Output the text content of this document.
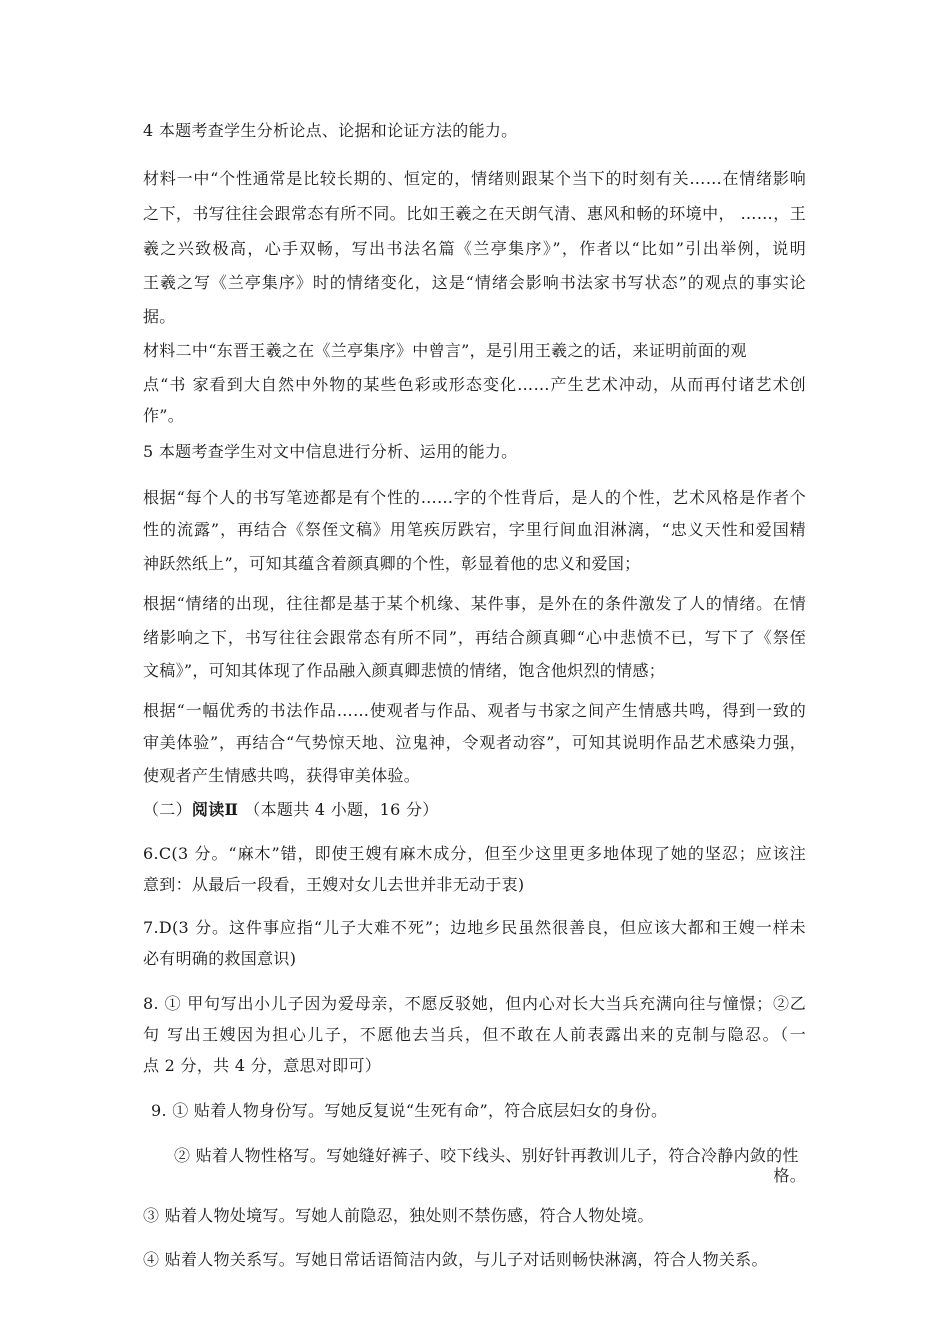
4 本题考查学生分析论点、论据和论证方法的能力。
材料一中“个性通常是比较长期的、恒定的，情绪则跟某个当下的时刻有关……在情绪影响
之下，书写往往会跟常态有所不同。比如王羲之在天朗气清、惠风和畅的环境中， ……，王
羲之兴致极高，心手双畅，写出书法名篇《兰亭集序》”，作者以“比如”引出举例，说明
王羲之写《兰亭集序》时的情绪变化，这是“情绪会影响书法家书写状态”的观点的事实论
据。
材料二中“东晋王羲之在《兰亭集序》中曾言”，是引用王羲之的话，来证明前面的观
点“书 家看到大自然中外物的某些色彩或形态变化……产生艺术冲动，从而再付诸艺术创
作”。
5 本题考查学生对文中信息进行分析、运用的能力。
根据“每个人的书写笔迹都是有个性的……字的个性背后，是人的个性，艺术风格是作者个
性的流露”，再结合《祭侄文稿》用笔疾厉跌宕，字里行间血泪淋漓，“忠义天性和爱国精
神跃然纸上”，可知其蕴含着颜真卿的个性，彰显着他的忠义和爱国；
根据“情绪的出现，往往都是基于某个机缘、某件事，是外在的条件激发了人的情绪。在情
绪影响之下，书写往往会跟常态有所不同”，再结合颜真卿“心中悲愤不已，写下了《祭侄
文稿》”，可知其体现了作品融入颜真卿悲愤的情绪，饱含他炽烈的情感；
根据“一幅优秀的书法作品……使观者与作品、观者与书家之间产生情感共鸣，得到一致的
审美体验”，再结合“气势惊天地、泣鬼神，令观者动容”，可知其说明作品艺术感染力强，
使观者产生情感共鸣，获得审美体验。
（二）阅读Ⅱ （本题共 4 小题，16 分）
6.C(3 分。“麻木”错，即使王嫂有麻木成分，但至少这里更多地体现了她的坚忍；应该注
意到：从最后一段看，王嫂对女儿去世并非无动于衷)
7.D(3 分。这件事应指“儿子大难不死”；边地乡民虽然很善良，但应该大都和王嫂一样未
必有明确的救国意识)
8. ① 甲句写出小儿子因为爱母亲，不愿反驳她，但内心对长大当兵充满向往与憧憬；②乙
句 写出王嫂因为担心儿子，不愿他去当兵，但不敢在人前表露出来的克制与隐忍。（一
点 2 分，共 4 分，意思对即可）
9. ① 贴着人物身份写。写她反复说“生死有命”，符合底层妇女的身份。
② 贴着人物性格写。写她缝好裤子、咬下线头、别好针再教训儿子，符合冷静内敛的性
格。
③ 贴着人物处境写。写她人前隐忍，独处则不禁伤感，符合人物处境。
④ 贴着人物关系写。写她日常话语简洁内敛，与儿子对话则畅快淋漓，符合人物关系。
